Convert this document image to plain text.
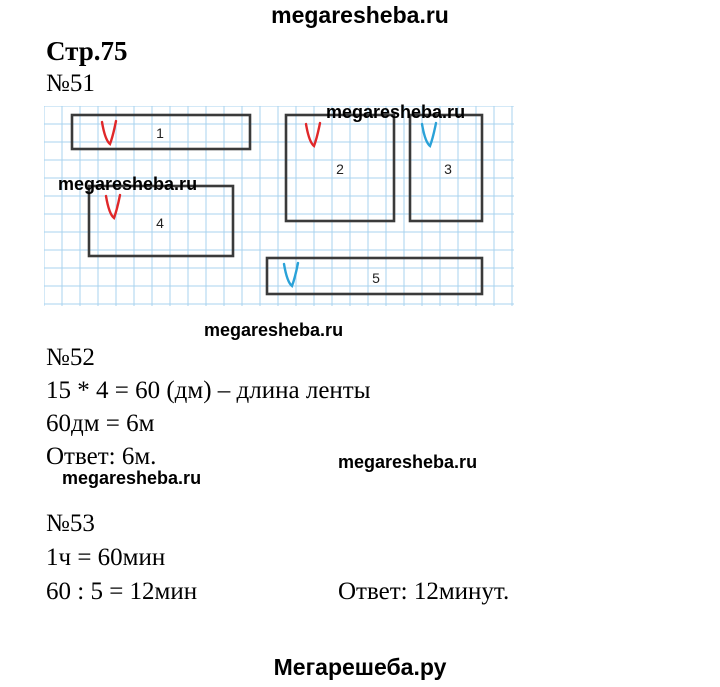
megaresheba.ru
Стр.75
№51
1
2	3
4
5
megaresheba.ru
megaresheba.ru
megaresheba.ru
№52
15 * 4 = 60 (дм) – длина ленты
60дм = 6м
Ответ: 6м.	megaresheba.ru
megaresheba.ru
№53
1ч = 60мин
60 : 5 = 12мин	Ответ: 12минут.
Мегарешеба.ру
